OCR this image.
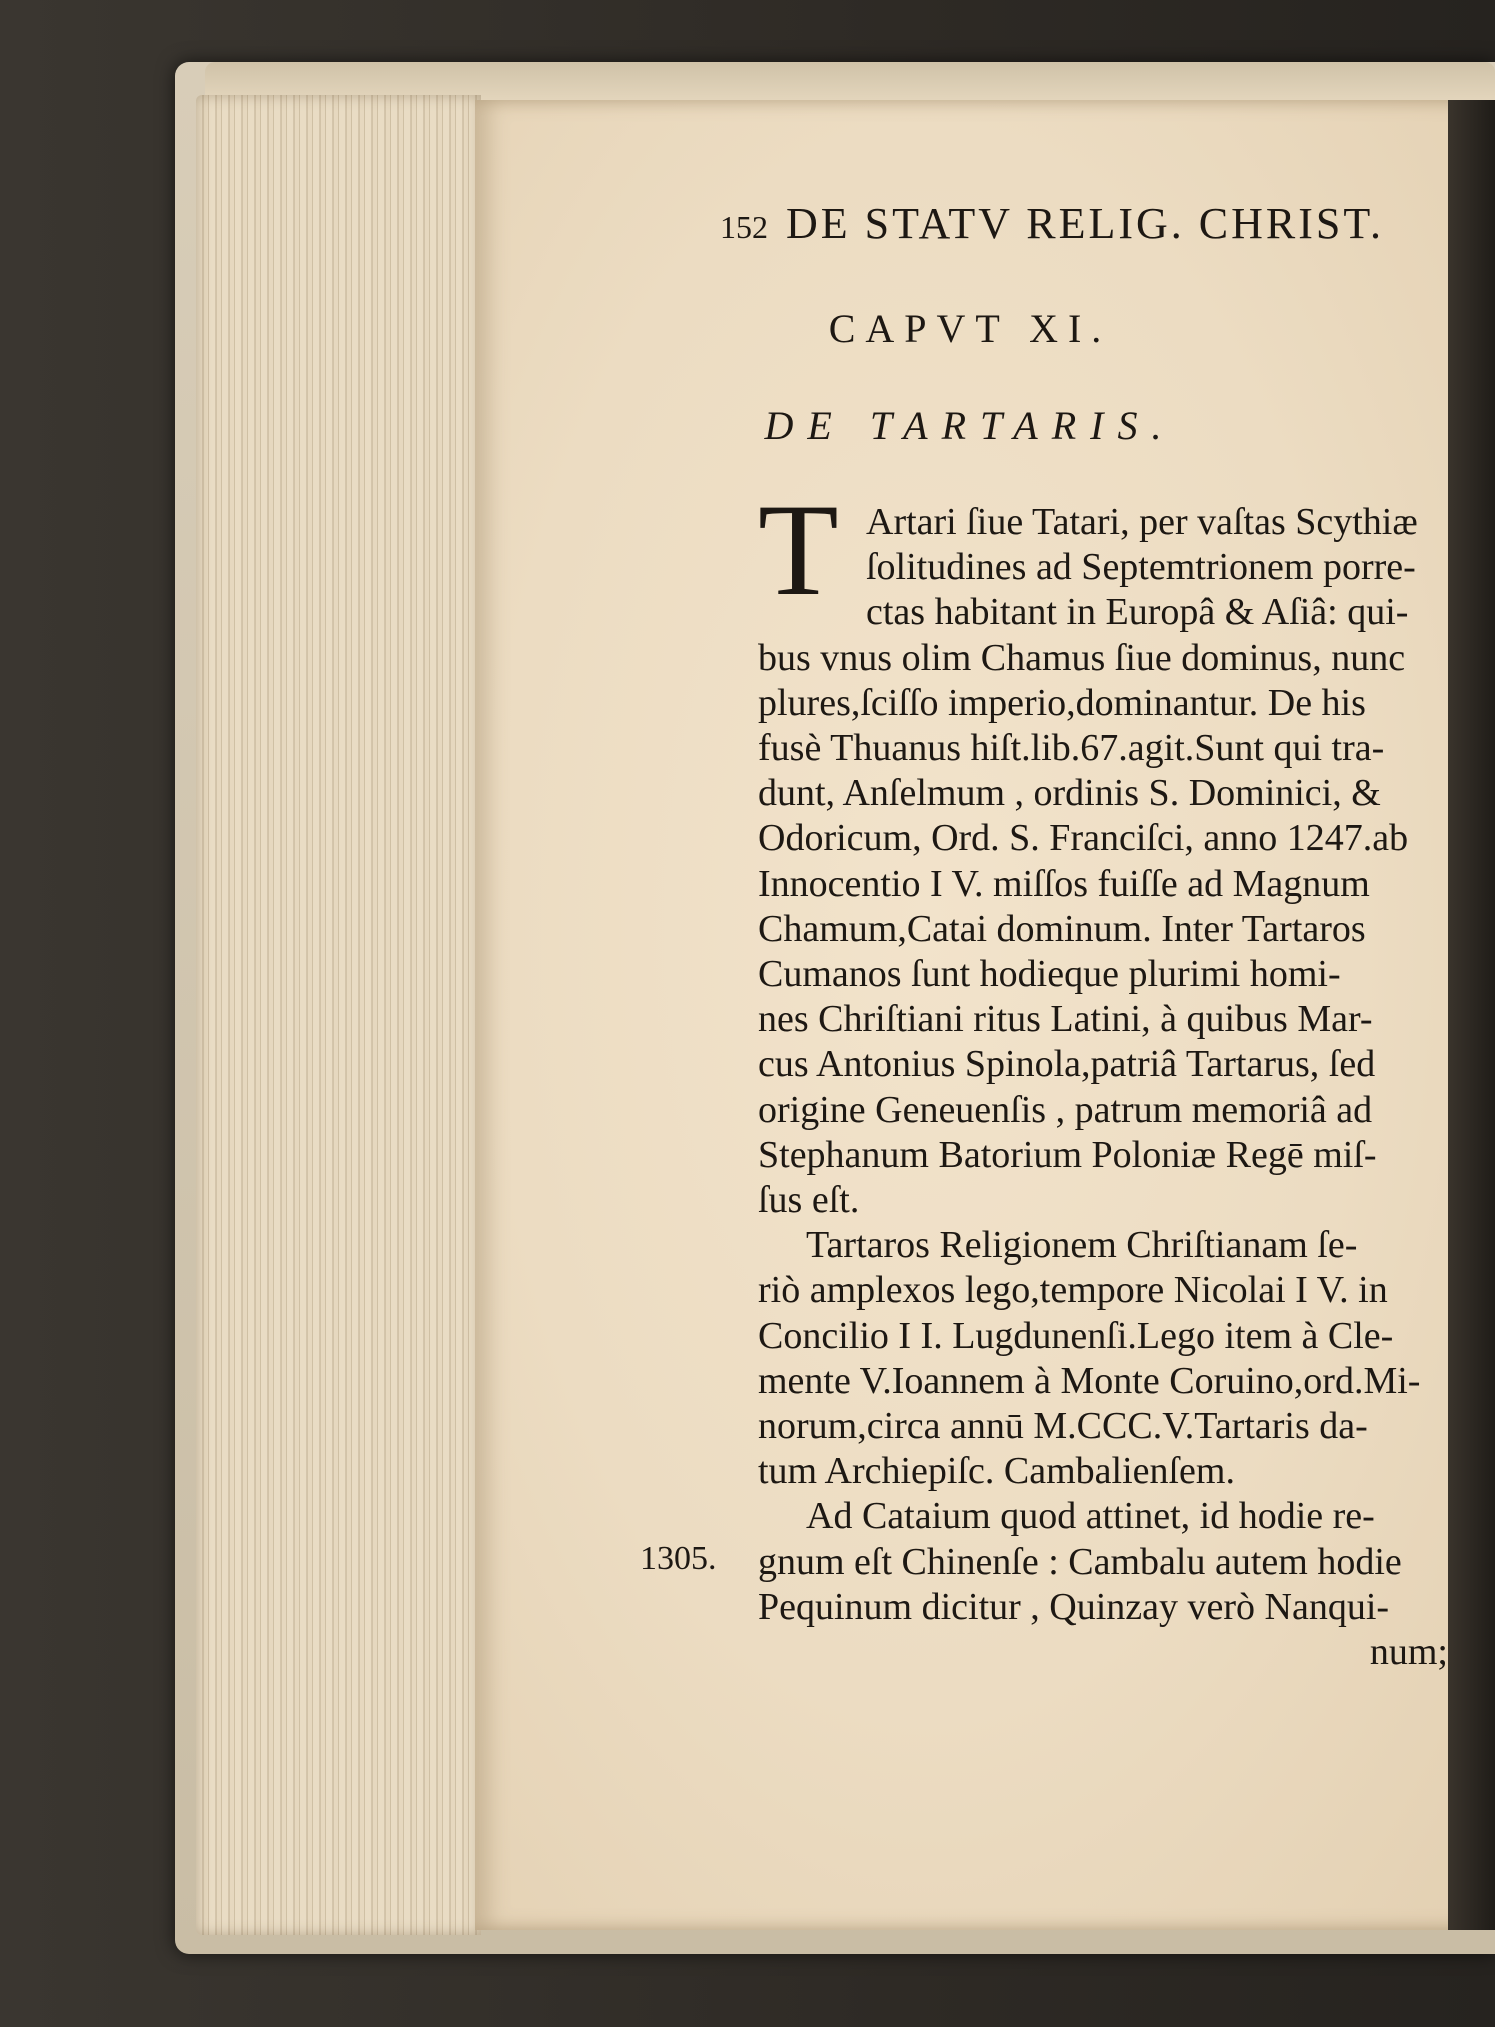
152 DE STATV RELIG. CHRIST.
CAPVT XI.
DE TARTARIS.
T Artari ſiue Tatari, per vaſtas Scythiæ
ſolitudines ad Septemtrionem porre-
ctas habitant in Europâ & Aſiâ: qui-
bus vnus olim Chamus ſiue dominus, nunc
plures,ſciſſo imperio,dominantur. De his
fusè Thuanus hiſt.lib.67.agit.Sunt qui tra-
dunt, Anſelmum , ordinis S. Dominici, &
Odoricum, Ord. S. Franciſci, anno 1247.ab
Innocentio I V. miſſos fuiſſe ad Magnum
Chamum,Catai dominum. Inter Tartaros
Cumanos ſunt hodieque plurimi homi-
nes Chriſtiani ritus Latini, à quibus Mar-
cus Antonius Spinola,patriâ Tartarus, ſed
origine Geneuenſis , patrum memoriâ ad
Stephanum Batorium Poloniæ Regē miſ-
ſus eſt.
Tartaros Religionem Chriſtianam ſe-
riò amplexos lego,tempore Nicolai I V. in
Concilio I I. Lugdunenſi.Lego item à Cle-
mente V.Ioannem à Monte Coruino,ord.Mi-
norum,circa annū M.CCC.V.Tartaris da-
tum Archiepiſc. Cambalienſem.
Ad Cataium quod attinet, id hodie re-
gnum eſt Chinenſe : Cambalu autem hodie
Pequinum dicitur , Quinzay verò Nanqui-
num;
1305.
